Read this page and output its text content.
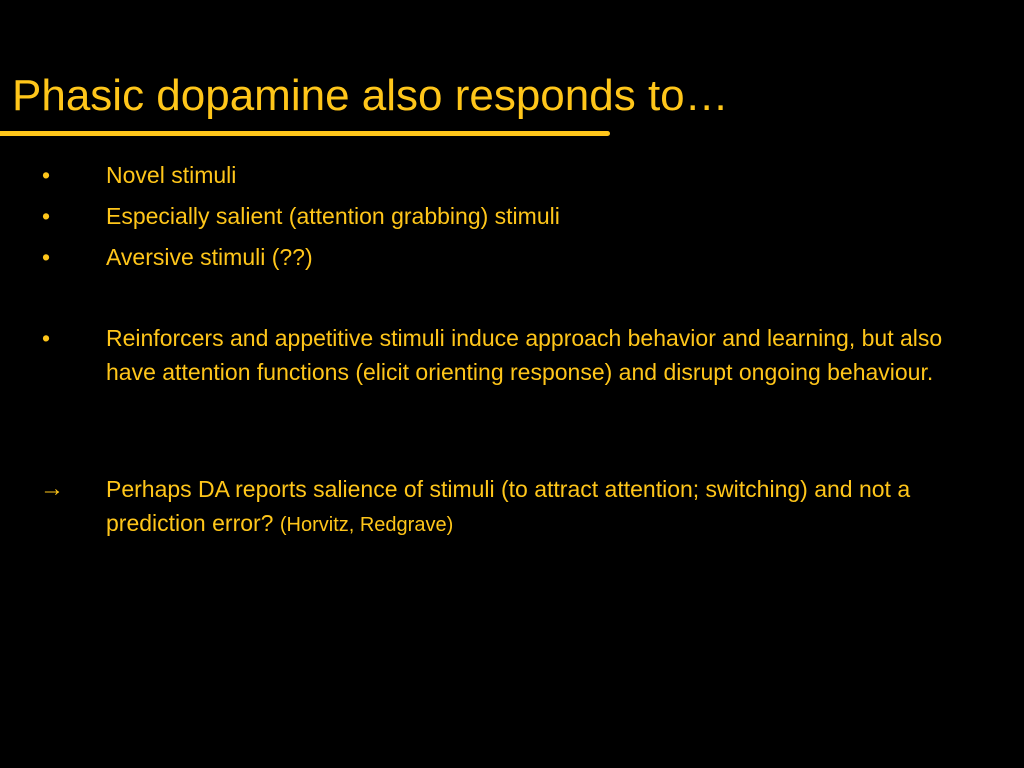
Phasic dopamine also responds to…
•	Novel stimuli
•	Especially salient (attention grabbing) stimuli
•	Aversive stimuli (??)
•	Reinforcers and appetitive stimuli induce approach behavior and learning, but also have attention functions (elicit orienting response) and disrupt ongoing behaviour.
→	Perhaps DA reports salience of stimuli (to attract attention; switching) and not a prediction error? (Horvitz, Redgrave)
